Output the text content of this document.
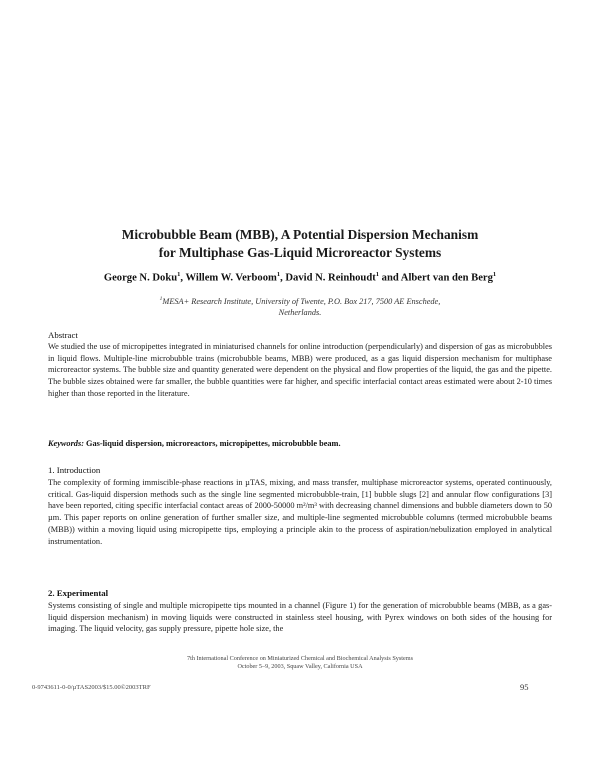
Microbubble Beam (MBB), A Potential Dispersion Mechanism
for Multiphase Gas-Liquid Microreactor Systems
George N. Doku$^1$, Willem W. Verboom$^1$, David N. Reinhoudt$^1$ and Albert van den Berg$^1$
$^1$MESA+ Research Institute, University of Twente, P.O. Box 217, 7500 AE Enschede,
Netherlands.
Abstract
We studied the use of micropipettes integrated in miniaturised channels for online introduction (perpendicularly) and dispersion of gas as microbubbles in liquid flows. Multiple-line microbubble trains (microbubble beams, MBB) were produced, as a gas liquid dispersion mechanism for multiphase microreactor systems. The bubble size and quantity generated were dependent on the physical and flow properties of the liquid, the gas and the pipette. The bubble sizes obtained were far smaller, the bubble quantities were far higher, and specific interfacial contact areas estimated were about 2-10 times higher than those reported in the literature.
Keywords: Gas-liquid dispersion, microreactors, micropipettes, microbubble beam.
1. Introduction
The complexity of forming immiscible-phase reactions in µTAS, mixing, and mass transfer, multiphase microreactor systems, operated continuously, critical. Gas-liquid dispersion methods such as the single line segmented microbubble-train, [1] bubble slugs [2] and annular flow configurations [3] have been reported, citing specific interfacial contact areas of 2000-50000 m²/m³ with decreasing channel dimensions and bubble diameters down to 50 µm. This paper reports on online generation of further smaller size, and multiple-line segmented microbubble columns (termed microbubble beams (MBB)) within a moving liquid using micropipette tips, employing a principle akin to the process of aspiration/nebulization employed in analytical instrumentation.
2. Experimental
Systems consisting of single and multiple micropipette tips mounted in a channel (Figure 1) for the generation of microbubble beams (MBB, as a gas-liquid dispersion mechanism) in moving liquids were constructed in stainless steel housing, with Pyrex windows on both sides of the housing for imaging. The liquid velocity, gas supply pressure, pipette hole size, the
7th International Conference on Miniaturized Chemical and Biochemical Analysis Systems
October 5–9, 2003, Squaw Valley, California USA
0-9743611-0-0/µTAS2003/$15.00©2003TRF	95
